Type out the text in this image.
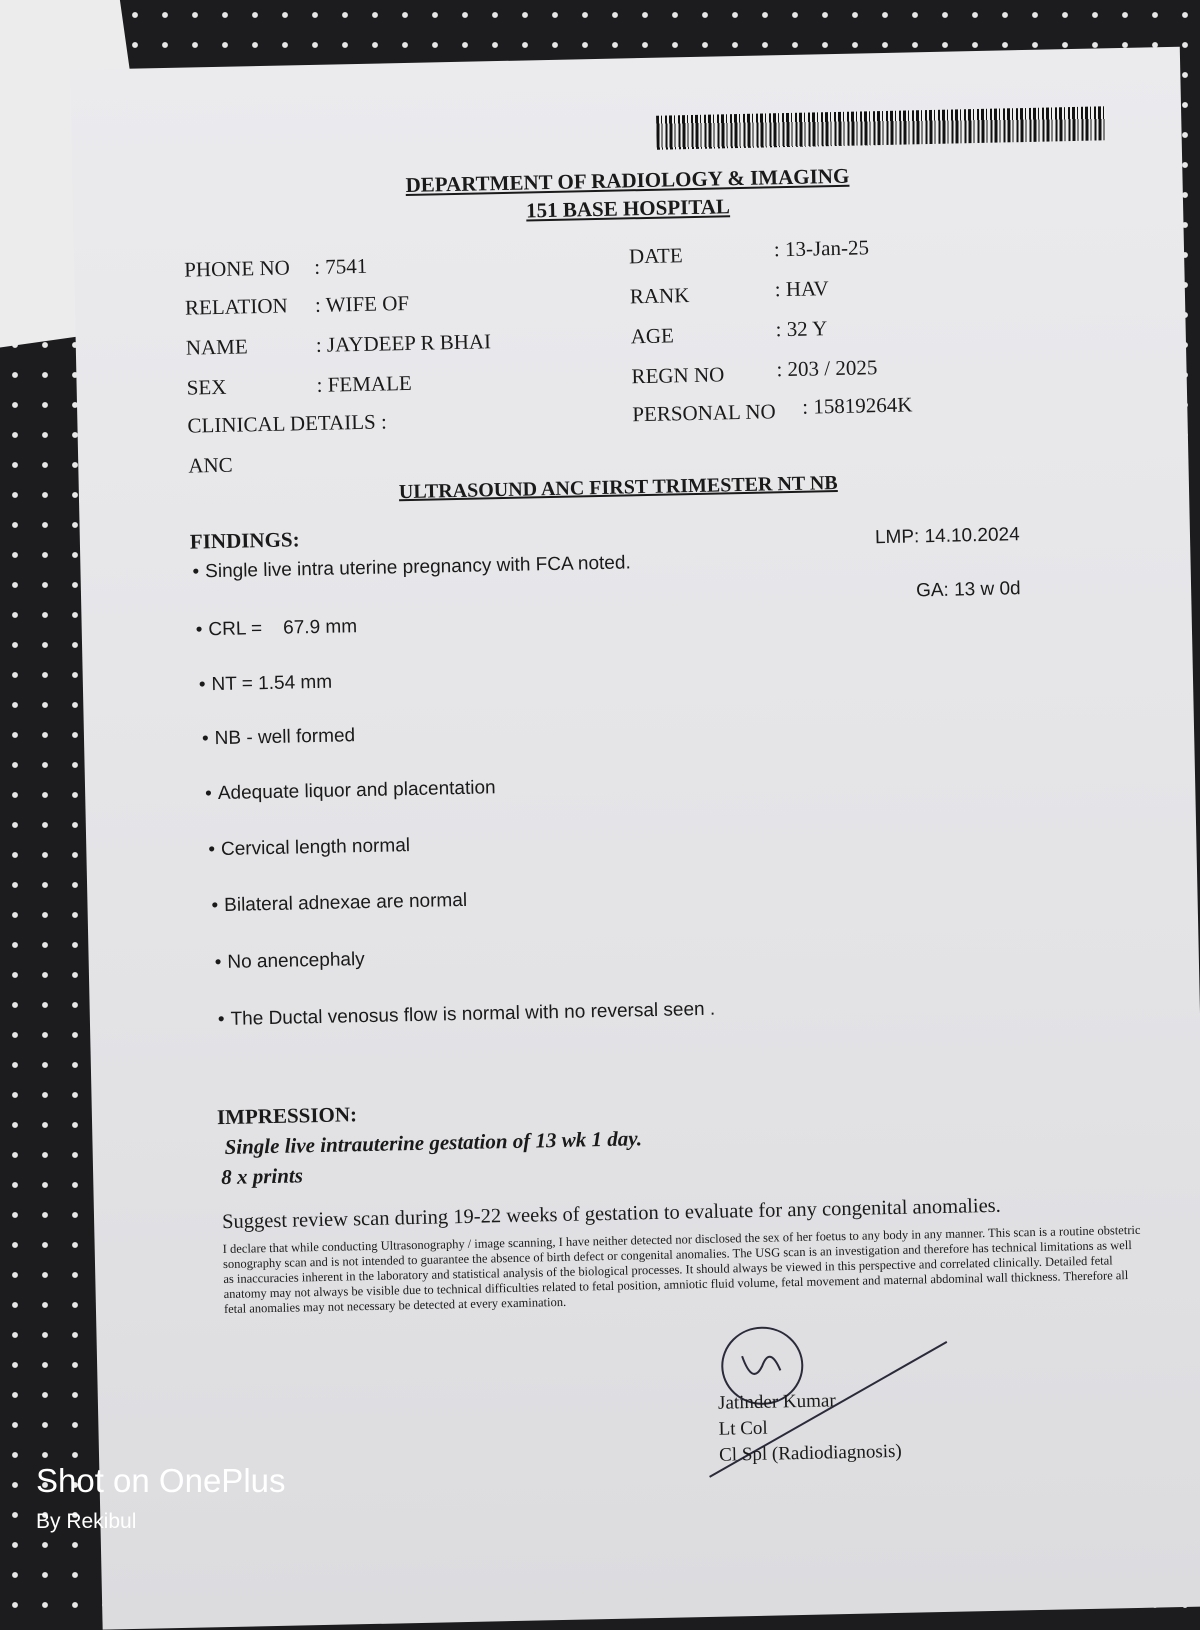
DEPARTMENT OF RADIOLOGY & IMAGING
151 BASE HOSPITAL
PHONE NO : 7541
RELATION : WIFE OF
NAME	: JAYDEEP R BHAI
SEX	: FEMALE
CLINICAL DETAILS :
ANC
DATE	: 13-Jan-25
RANK	: HAV
AGE	: 32 Y
REGN NO : 203 / 2025
PERSONAL NO : 15819264K
ULTRASOUND ANC FIRST TRIMESTER NT NB
FINDINGS:	LMP: 14.10.2024
GA: 13 w 0d
• Single live intra uterine pregnancy with FCA noted.
• CRL =    67.9 mm
• NT = 1.54 mm
• NB - well formed
• Adequate liquor and placentation
• Cervical length normal
• Bilateral adnexae are normal
• No anencephaly
• The Ductal venosus flow is normal with no reversal seen .
IMPRESSION:
Single live intrauterine gestation of 13 wk 1 day.
8 x prints
Suggest review scan during 19-22 weeks of gestation to evaluate for any congenital anomalies.
I declare that while conducting Ultrasonography / image scanning, I have neither detected nor disclosed the sex of her foetus to any body in any manner. This scan is a routine obstetric sonography scan and is not intended to guarantee the absence of birth defect or congenital anomalies. The USG scan is an investigation and therefore has technical limitations as well as inaccuracies inherent in the laboratory and statistical analysis of the biological processes. It should always be viewed in this perspective and correlated clinically. Detailed fetal anatomy may not always be visible due to technical difficulties related to fetal position, amniotic fluid volume, fetal movement and maternal abdominal wall thickness. Therefore all fetal anomalies may not necessary be detected at every examination.
Jatinder Kumar
Lt Col
Cl Spl (Radiodiagnosis)
Shot on OnePlus
By Rekibul
